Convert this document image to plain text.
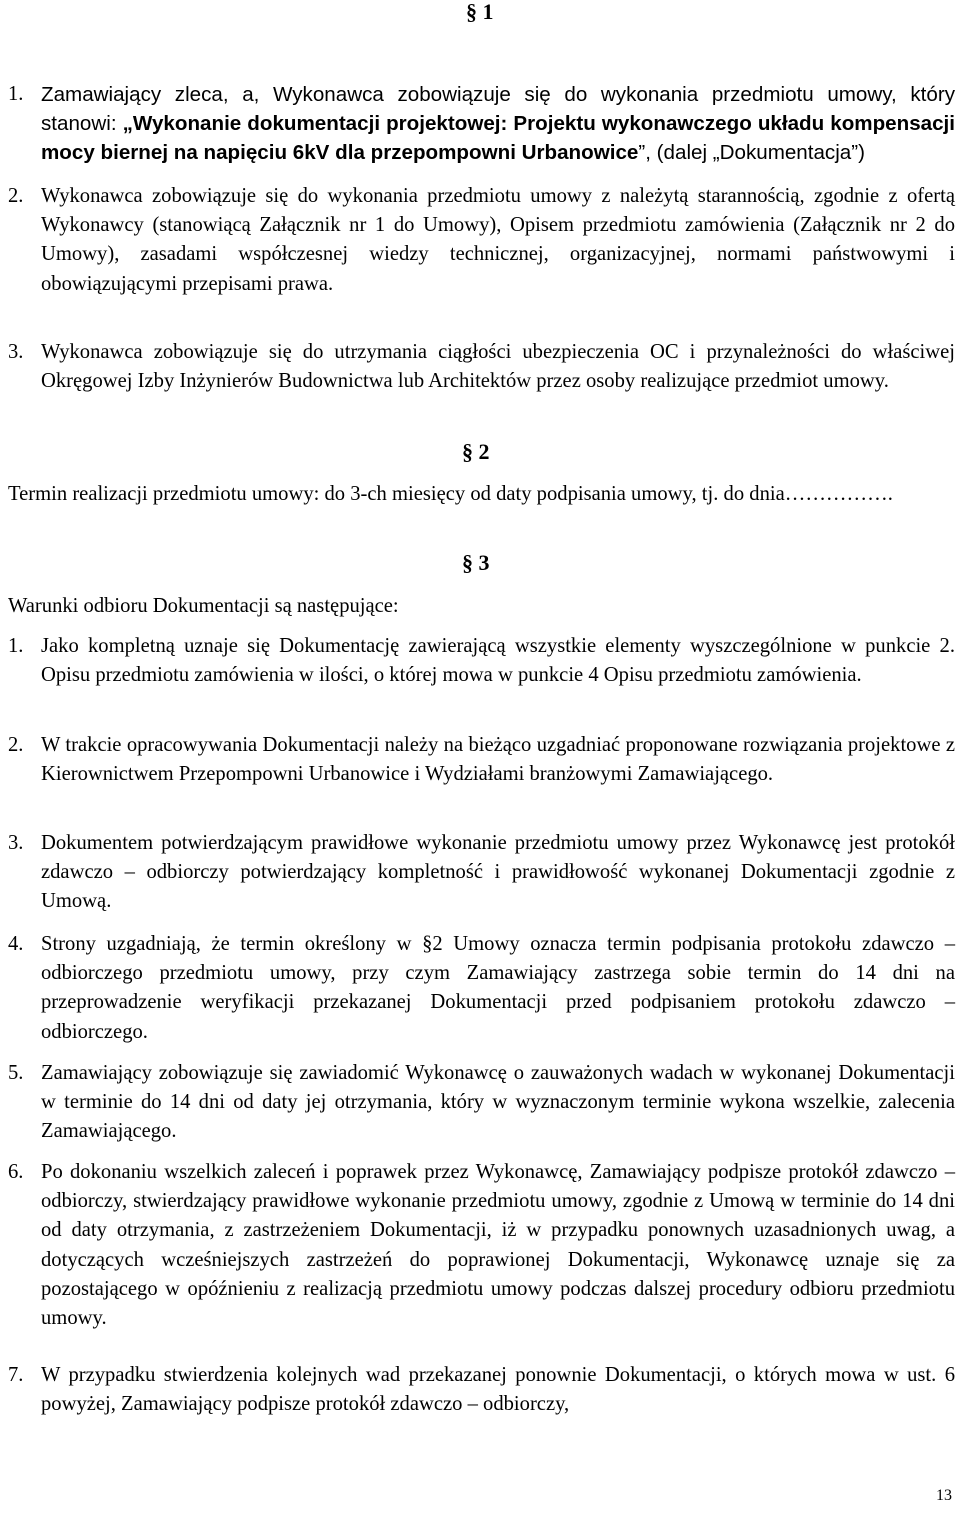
§ 1
1. Zamawiający zleca, a, Wykonawca zobowiązuje się do wykonania przedmiotu umowy, który stanowi: „Wykonanie dokumentacji projektowej: Projektu wykonawczego układu kompensacji mocy biernej na napięciu 6kV dla przepompowni Urbanowice”, (dalej „Dokumentacja”)
2. Wykonawca zobowiązuje się do wykonania przedmiotu umowy z należytą starannością, zgodnie z ofertą Wykonawcy (stanowiącą Załącznik nr 1 do Umowy), Opisem przedmiotu zamówienia (Załącznik nr 2 do Umowy), zasadami współczesnej wiedzy technicznej, organizacyjnej, normami państwowymi i obowiązującymi przepisami prawa.
3. Wykonawca zobowiązuje się do utrzymania ciągłości ubezpieczenia OC i przynależności do właściwej Okręgowej Izby Inżynierów Budownictwa lub Architektów przez osoby realizujące przedmiot umowy.
§ 2
Termin realizacji przedmiotu umowy: do 3-ch miesięcy od daty podpisania umowy, tj. do dnia…………….
§ 3
Warunki odbioru Dokumentacji są następujące:
1. Jako kompletną uznaje się Dokumentację zawierającą wszystkie elementy wyszczególnione w punkcie 2. Opisu przedmiotu zamówienia w ilości, o której mowa w punkcie 4 Opisu przedmiotu zamówienia.
2. W trakcie opracowywania Dokumentacji należy na bieżąco uzgadniać proponowane rozwiązania projektowe z Kierownictwem Przepompowni Urbanowice i Wydziałami branżowymi Zamawiającego.
3. Dokumentem potwierdzającym prawidłowe wykonanie przedmiotu umowy przez Wykonawcę jest protokół zdawczo – odbiorczy potwierdzający kompletność i prawidłowość wykonanej Dokumentacji zgodnie z Umową.
4. Strony uzgadniają, że termin określony w §2 Umowy oznacza termin podpisania protokołu zdawczo – odbiorczego przedmiotu umowy, przy czym Zamawiający zastrzega sobie termin do 14 dni na przeprowadzenie weryfikacji przekazanej Dokumentacji przed podpisaniem protokołu zdawczo – odbiorczego.
5. Zamawiający zobowiązuje się zawiadomić Wykonawcę o zauważonych wadach w wykonanej Dokumentacji w terminie do 14 dni od daty jej otrzymania, który w wyznaczonym terminie wykona wszelkie, zalecenia Zamawiającego.
6. Po dokonaniu wszelkich zaleceń i poprawek przez Wykonawcę, Zamawiający podpisze protokół zdawczo – odbiorczy, stwierdzający prawidłowe wykonanie przedmiotu umowy, zgodnie z Umową w terminie do 14 dni od daty otrzymania, z zastrzeżeniem Dokumentacji, iż w przypadku ponownych uzasadnionych uwag, a dotyczących wcześniejszych zastrzeżeń do poprawionej Dokumentacji, Wykonawcę uznaje się za pozostającego w opóźnieniu z realizacją przedmiotu umowy podczas dalszej procedury odbioru przedmiotu umowy.
7. W przypadku stwierdzenia kolejnych wad przekazanej ponownie Dokumentacji, o których mowa w ust. 6 powyżej, Zamawiający podpisze protokół zdawczo – odbiorczy,
13
